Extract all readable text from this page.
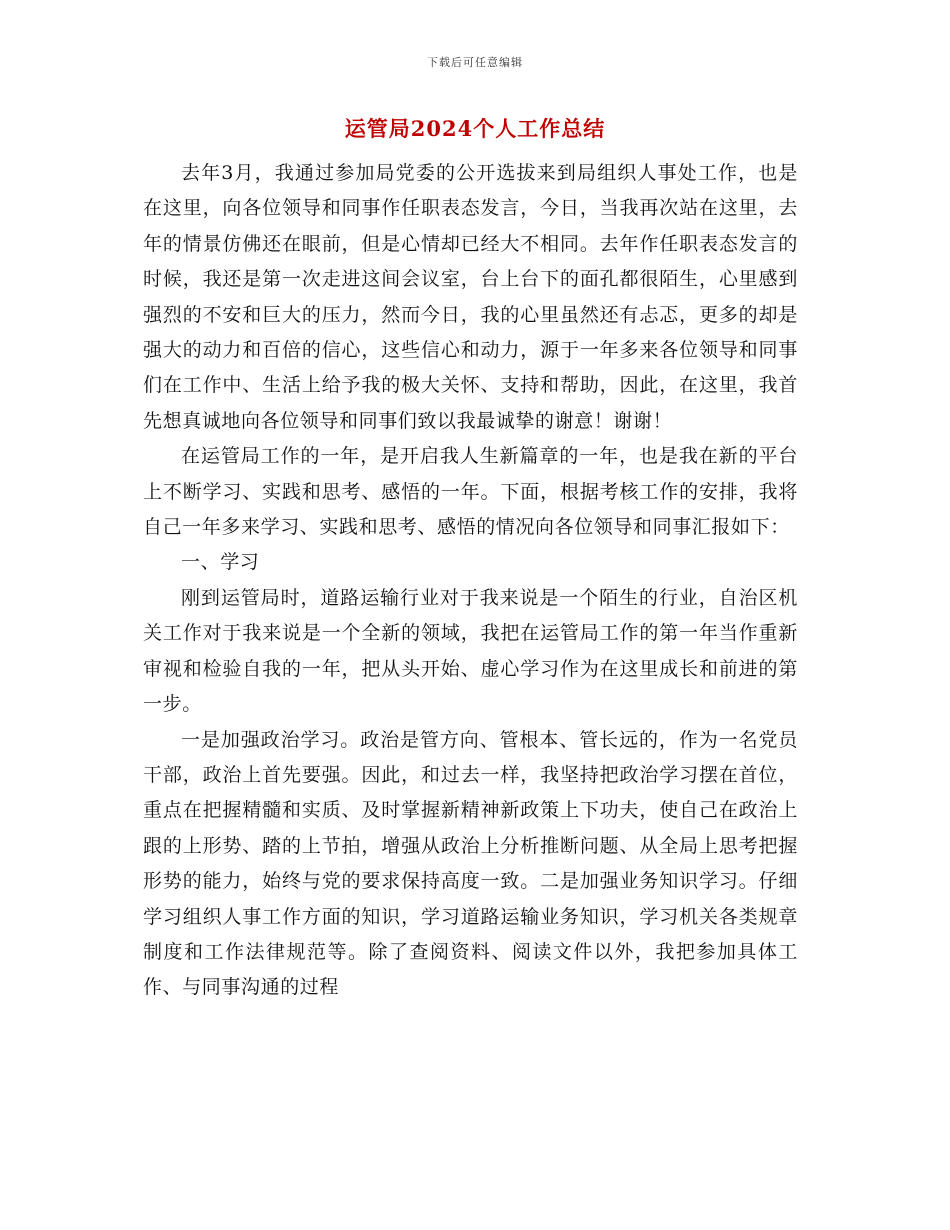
下载后可任意编辑
运管局2024个人工作总结

去年3月，我通过参加局党委的公开选拔来到局组织人事处工作，也是在这里，向各位领导和同事作任职表态发言，今日，当我再次站在这里，去年的情景仿佛还在眼前，但是心情却已经大不相同。去年作任职表态发言的时候，我还是第一次走进这间会议室，台上台下的面孔都很陌生，心里感到强烈的不安和巨大的压力，然而今日，我的心里虽然还有忐忑，更多的却是强大的动力和百倍的信心，这些信心和动力，源于一年多来各位领导和同事们在工作中、生活上给予我的极大关怀、支持和帮助，因此，在这里，我首先想真诚地向各位领导和同事们致以我最诚挚的谢意！谢谢！

在运管局工作的一年，是开启我人生新篇章的一年，也是我在新的平台上不断学习、实践和思考、感悟的一年。下面，根据考核工作的安排，我将自己一年多来学习、实践和思考、感悟的情况向各位领导和同事汇报如下：

一、学习

刚到运管局时，道路运输行业对于我来说是一个陌生的行业，自治区机关工作对于我来说是一个全新的领域，我把在运管局工作的第一年当作重新审视和检验自我的一年，把从头开始、虚心学习作为在这里成长和前进的第一步。

一是加强政治学习。政治是管方向、管根本、管长远的，作为一名党员干部，政治上首先要强。因此，和过去一样，我坚持把政治学习摆在首位，重点在把握精髓和实质、及时掌握新精神新政策上下功夫，使自己在政治上跟的上形势、踏的上节拍，增强从政治上分析推断问题、从全局上思考把握形势的能力，始终与党的要求保持高度一致。二是加强业务知识学习。仔细学习组织人事工作方面的知识，学习道路运输业务知识，学习机关各类规章制度和工作法律规范等。除了查阅资料、阅读文件以外，我把参加具体工作、与同事沟通的过程
